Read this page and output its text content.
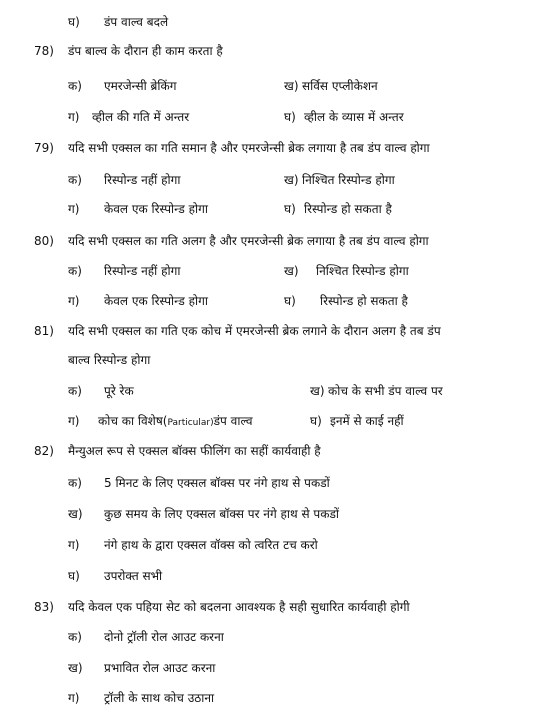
घ) डंप वाल्व बदले
78) डंप बाल्व के दौरान ही काम करता है
क) एमरजेन्सी ब्रेकिंग	ख) सर्विस एप्लीकेशन
ग) व्हील की गति में अन्तर	घ) व्हील के व्यास में अन्तर
79) यदि सभी एक्सल का गति समान है और एमरजेन्सी ब्रेक लगाया है तब डंप वाल्व होगा
क) रिस्पोन्ड नहीं होगा	ख) निश्चित रिस्पोन्ड होगा
ग) केवल एक रिस्पोन्ड होगा	घ) रिस्पोन्ड हो सकता है
80) यदि सभी एक्सल का गति अलग है और एमरजेन्सी ब्रेक लगाया है तब डंप वाल्व होगा
क) रिस्पोन्ड नहीं होगा	ख) निश्चित रिस्पोन्ड होगा
ग) केवल एक रिस्पोन्ड होगा	घ) रिस्पोन्ड हो सकता है
81) यदि सभी एक्सल का गति एक कोच में एमरजेन्सी ब्रेक लगाने के दौरान अलग है तब डंप
बाल्व रिस्पोन्ड होगा
क) पूरे रेक	ख) कोच के सभी डंप वाल्व पर
ग) कोच का विशेष(Particular)डंप वाल्व	घ) इनमें से काई नहीं
82) मैन्युअल रूप से एक्सल बॉक्स फीलिंग का सहीं कार्यवाही है
क) 5 मिनट के लिए एक्सल बॉक्स पर नंगे हाथ से पकडों
ख) कुछ समय के लिए एक्सल बॉक्स पर नंगे हाथ से पकडों
ग) नंगे हाथ के द्वारा एक्सल वॉक्स को त्वरित टच करो
घ) उपरोक्त सभी
83) यदि केवल एक पहिया सेट को बदलना आवश्यक है सही सुधारित कार्यवाही होगी
क) दोनो ट्रॉली रोल आउट करना
ख) प्रभावित रोल आउट करना
ग) ट्रॉली के साथ कोच उठाना
